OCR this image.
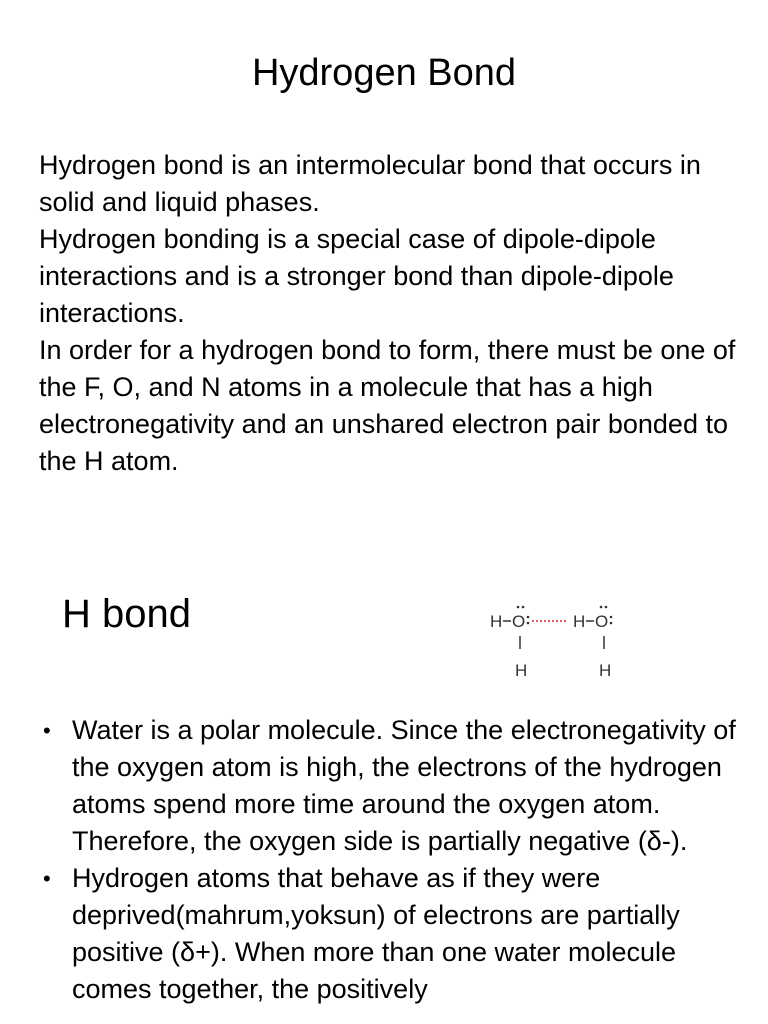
Hydrogen Bond

Hydrogen bond is an intermolecular bond that occurs in solid and liquid phases.

Hydrogen bonding is a special case of dipole-dipole interactions and is a stronger bond than dipole-dipole interactions.

In order for a hydrogen bond to form, there must be one of the F, O, and N atoms in a molecule that has a high electronegativity and an unshared electron pair bonded to the H atom.

H bond	H O
H
H O
H
• Water is a polar molecule. Since the electronegativity of the oxygen atom is high, the electrons of the hydrogen atoms spend more time around the oxygen atom. Therefore, the oxygen side is partially negative (δ-).
• Hydrogen atoms that behave as if they were deprived(mahrum,yoksun) of electrons are partially positive (δ+). When more than one water molecule comes together, the positively
